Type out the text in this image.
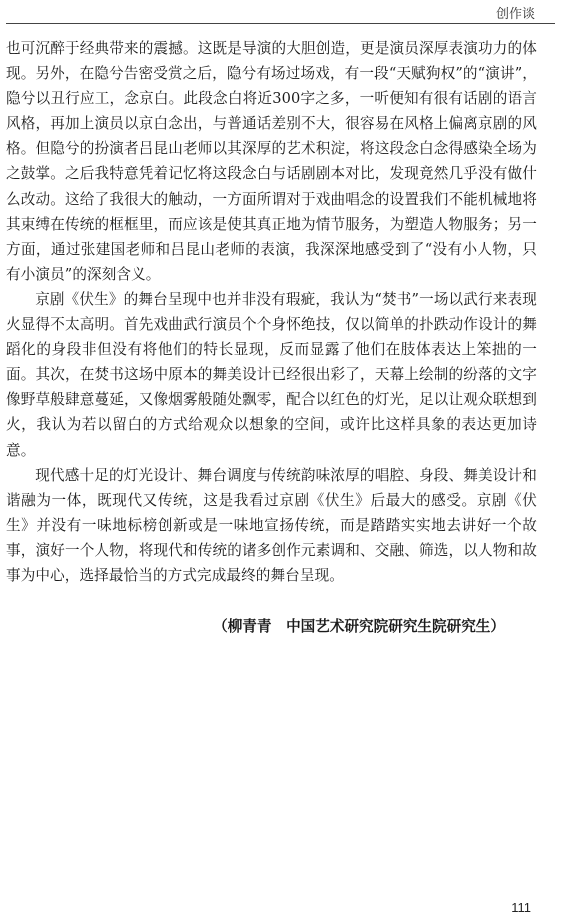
创作谈

也可沉醉于经典带来的震撼。这既是导演的大胆创造，更是演员深厚表演功力的体现。另外，在隐兮告密受赏之后，隐兮有场过场戏，有一段“天赋狗权”的“演讲”，隐兮以丑行应工，念京白。此段念白将近300字之多，一听便知有很有话剧的语言风格，再加上演员以京白念出，与普通话差别不大，很容易在风格上偏离京剧的风格。但隐兮的扮演者吕昆山老师以其深厚的艺术积淀，将这段念白念得感染全场为之鼓掌。之后我特意凭着记忆将这段念白与话剧剧本对比，发现竟然几乎没有做什么改动。这给了我很大的触动，一方面所谓对于戏曲唱念的设置我们不能机械地将其束缚在传统的框框里，而应该是使其真正地为情节服务，为塑造人物服务；另一方面，通过张建国老师和吕昆山老师的表演，我深深地感受到了“没有小人物，只有小演员”的深刻含义。

京剧《伏生》的舞台呈现中也并非没有瑕疵，我认为“焚书”一场以武行来表现火显得不太高明。首先戏曲武行演员个个身怀绝技，仅以简单的扑跌动作设计的舞蹈化的身段非但没有将他们的特长显现，反而显露了他们在肢体表达上笨拙的一面。其次，在焚书这场中原本的舞美设计已经很出彩了，天幕上绘制的纷落的文字像野草般肆意蔓延，又像烟雾般随处飘零，配合以红色的灯光，足以让观众联想到火，我认为若以留白的方式给观众以想象的空间，或许比这样具象的表达更加诗意。

现代感十足的灯光设计、舞台调度与传统韵味浓厚的唱腔、身段、舞美设计和谐融为一体，既现代又传统，这是我看过京剧《伏生》后最大的感受。京剧《伏生》并没有一味地标榜创新或是一味地宣扬传统，而是踏踏实实地去讲好一个故事，演好一个人物，将现代和传统的诸多创作元素调和、交融、筛选，以人物和故事为中心，选择最恰当的方式完成最终的舞台呈现。

（柳青青　中国艺术研究院研究生院研究生）
111
